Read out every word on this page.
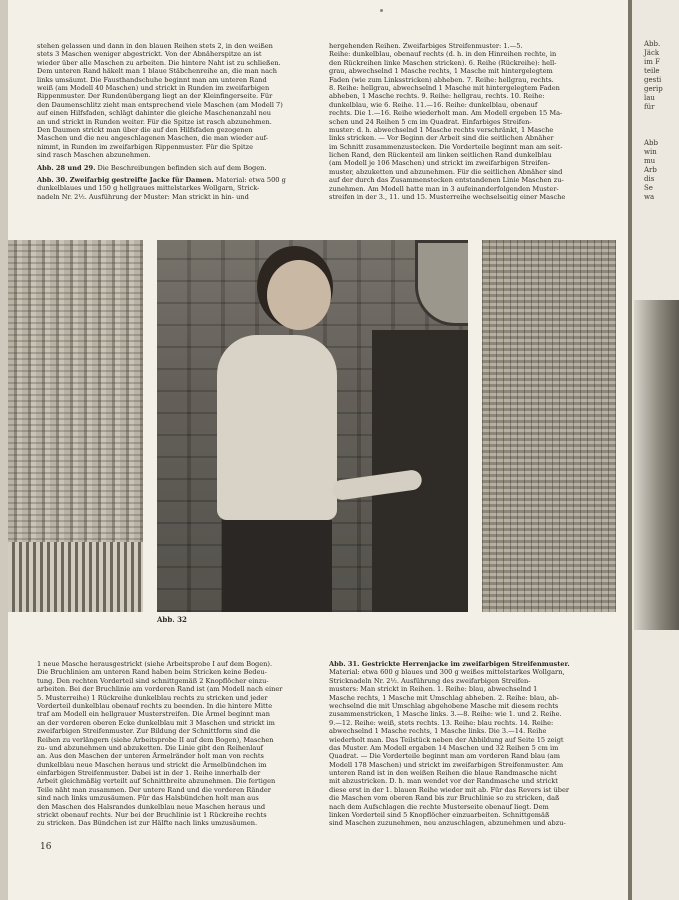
Abb.
Jäck
im F
teile
gesti
gerip
lau
für
Abb
win
mu
Arb
dis
Se
wa
stehen gelassen und dann in den blauen Reihen stets 2, in den weißen
stets 3 Maschen weniger abgestrickt. Von der Abnäherspitze an ist
wieder über alle Maschen zu arbeiten. Die hintere Naht ist zu schließen.
Dem unteren Rand häkelt man 1 blaue Stäbchenreihe an, die man nach
links umsäumt. Die Fausthandschuhe beginnt man am unteren Rand
weiß (am Modell 40 Maschen) und strickt in Runden im zweifarbigen
Rippenmuster. Der Rundenübergang liegt an der Kleinfingerseite. Für
den Daumenschlitz zieht man entsprechend viele Maschen (am Modell 7)
auf einen Hilfsfaden, schlägt dahinter die gleiche Maschenanzahl neu
an und strickt in Runden weiter. Für die Spitze ist rasch abzunehmen.
Den Daumen strickt man über die auf den Hilfsfaden gezogenen
Maschen und die neu angeschlagenen Maschen, die man wieder auf-
nimmt, in Runden im zweifarbigen Rippenmuster. Für die Spitze
sind rasch Maschen abzunehmen.

Abb. 28 und 29. Die Beschreibungen befinden sich auf dem Bogen.

Abb. 30. Zweifarbig gestreifte Jacke für Damen. Material: etwa 500 g
dunkelblaues und 150 g hellgraues mittelstarkes Wollgarn, Strick-
nadeln Nr. 2½. Ausführung der Muster: Man strickt in hin- und
hergehenden Reihen. Zweifarbiges Streifenmuster: 1.—5.
Reihe: dunkelblau, obenauf rechts (d. h. in den Hinreihen rechte, in
den Rückreihen linke Maschen stricken). 6. Reihe (Rückreihe): hell-
grau, abwechselnd 1 Masche rechts, 1 Masche mit hintergelegtem
Faden (wie zum Linksstricken) abheben. 7. Reihe: hellgrau, rechts.
8. Reihe: hellgrau, abwechselnd 1 Masche mit hintergelegtem Faden
abheben, 1 Masche rechts. 9. Reihe: hellgrau, rechts. 10. Reihe:
dunkelblau, wie 6. Reihe. 11.—16. Reihe: dunkelblau, obenauf
rechts. Die 1.—16. Reihe wiederholt man. Am Modell ergeben 15 Ma-
schen und 24 Reihen 5 cm im Quadrat. Einfarbiges Streifen-
muster: d. h. abwechselnd 1 Masche rechts verschränkt, 1 Masche
links stricken. — Vor Beginn der Arbeit sind die seitlichen Abnäher
im Schnitt zusammenzustecken. Die Vorderteile beginnt man am seit-
lichen Rand, den Rückenteil am linken seitlichen Rand dunkelblau
(am Modell je 106 Maschen) und strickt im zweifarbigen Streifen-
muster, abzuketten und abzunehmen. Für die seitlichen Abnäher sind
auf der durch das Zusammenstecken entstandenen Linie Maschen zu-
zunehmen. Am Modell hatte man in 3 aufeinanderfolgenden Muster-
streifen in der 3., 11. und 15. Musterreihe wechselseitig einer Masche
Abb. 32
1 neue Masche herausgestrickt (siehe Arbeitsprobe I auf dem Bogen).
Die Bruchlinien am unteren Rand haben beim Stricken keine Bedeu-
tung. Den rechten Vorderteil sind schnittgemäß 2 Knopflöcher einzu-
arbeiten. Bei der Bruchlinie am vorderen Rand ist (am Modell nach einer
5. Musterreihe) 1 Rückreihe dunkelblau rechts zu stricken und jeder
Vorderteil dunkelblau obenauf rechts zu beenden. In die hintere Mitte
traf am Modell ein hellgrauer Musterstreifen. Die Ärmel beginnt man
an der vorderen oberen Ecke dunkelblau mit 3 Maschen und strickt im
zweifarbigen Streifenmuster. Zur Bildung der Schnittform sind die
Reihen zu verlängern (siehe Arbeitsprobe II auf dem Bogen), Maschen
zu- und abzunehmen und abzuketten. Die Linie gibt den Reihenlauf
an. Aus den Maschen der unteren Ärmelränder holt man von rechts
dunkelblau neue Maschen heraus und strickt die Ärmelbündchen im
einfarbigen Streifenmuster. Dabei ist in der 1. Reihe innerhalb der
Arbeit gleichmäßig verteilt auf Schnittbreite abzunehmen. Die fertigen
Teile näht man zusammen. Der untere Rand und die vorderen Ränder
sind nach links umzusäumen. Für das Halsbündchen holt man aus
den Maschen des Halsrandes dunkelblau neue Maschen heraus und
strickt obenauf rechts. Nur bei der Bruchlinie ist 1 Rückreihe rechts
zu stricken. Das Bündchen ist zur Hälfte nach links umzusäumen.
Abb. 31. Gestrickte Herrenjacke im zweifarbigen Streifenmuster.
Material: etwa 600 g blaues und 300 g weißes mittelstarkes Wollgarn,
Stricknadeln Nr. 2½. Ausführung des zweifarbigen Streifen-
musters: Man strickt in Reihen. 1. Reihe: blau, abwechselnd 1
Masche rechts, 1 Masche mit Umschlag abheben. 2. Reihe: blau, ab-
wechselnd die mit Umschlag abgehobene Masche mit diesem rechts
zusammenstricken, 1 Masche links. 3.—8. Reihe: wie 1. und 2. Reihe.
9.—12. Reihe: weiß, stets rechts. 13. Reihe: blau rechts. 14. Reihe:
abwechselnd 1 Masche rechts, 1 Masche links. Die 3.—14. Reihe
wiederholt man. Das Teilstück neben der Abbildung auf Seite 15 zeigt
das Muster. Am Modell ergaben 14 Maschen und 32 Reihen 5 cm im
Quadrat. — Die Vorderteile beginnt man am vorderen Rand blau (am
Modell 178 Maschen) und strickt im zweifarbigen Streifenmuster. Am
unteren Rand ist in den weißen Reihen die blaue Randmasche nicht
mit abzustricken. D. h. man wendet vor der Randmasche und strickt
diese erst in der 1. blauen Reihe wieder mit ab. Für das Revers ist über
die Maschen vom oberen Rand bis zur Bruchlinie so zu stricken, daß
nach dem Aufschlagen die rechte Musterseite obenauf liegt. Dem
linken Vorderteil sind 5 Knopflöcher einzuarbeiten. Schnittgemäß
sind Maschen zuzunehmen, neu anzuschlagen, abzunehmen und abzu-
16
